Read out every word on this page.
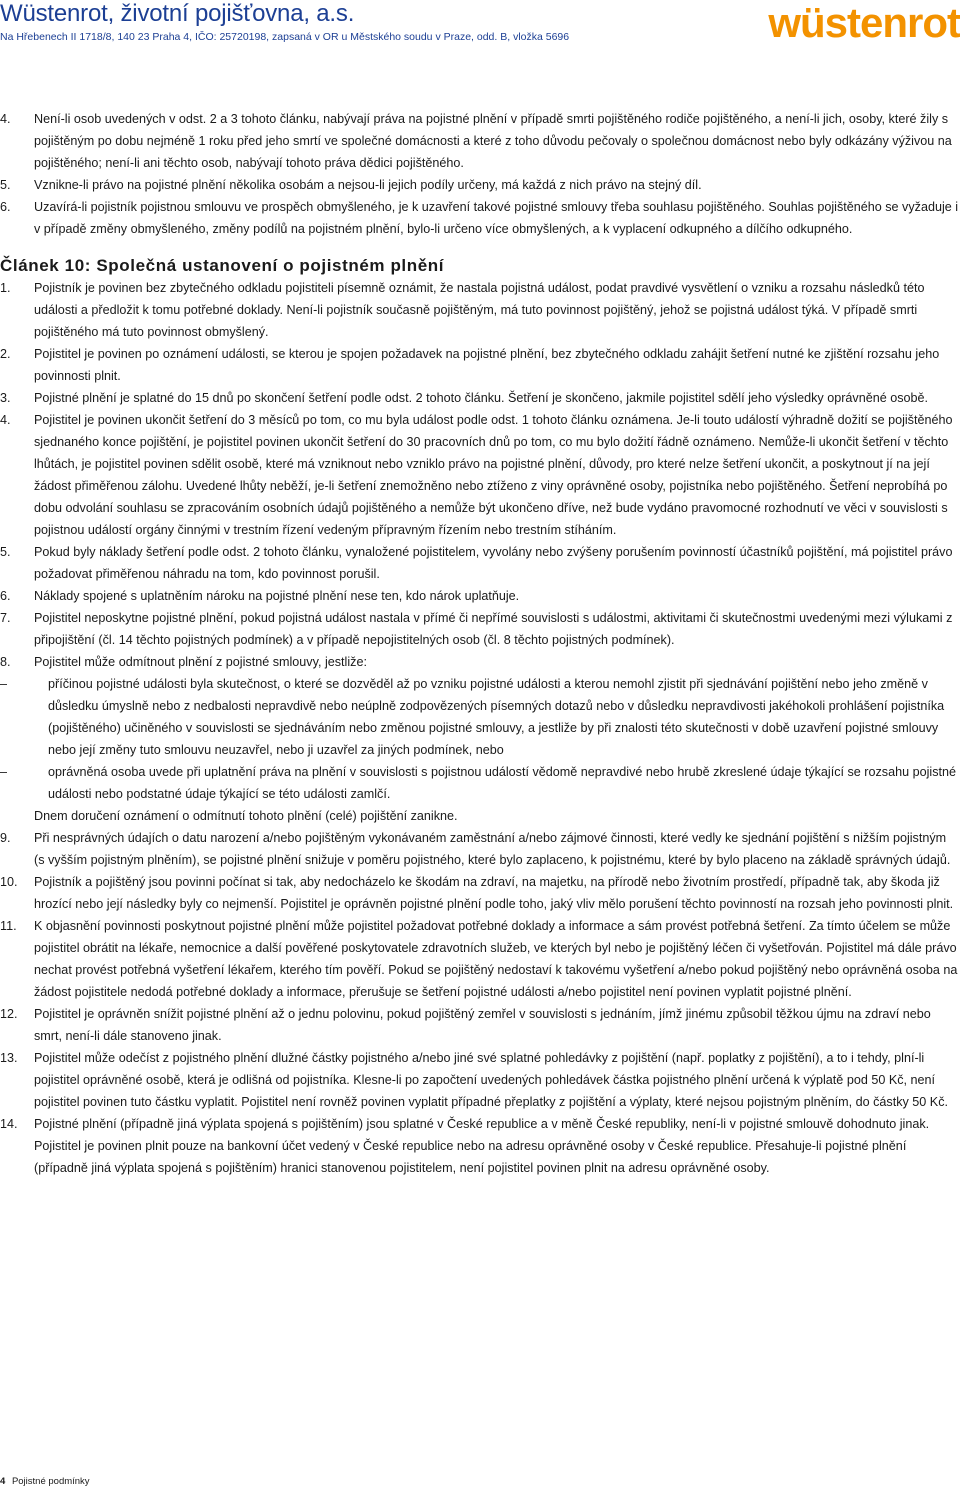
Wüstenrot, životní pojišťovna, a.s.
Na Hřebenech II 1718/8, 140 23 Praha 4, IČO: 25720198, zapsaná v OR u Městského soudu v Praze, odd. B, vložka 5696	wüstenrot
4.	Není-li osob uvedených v odst. 2 a 3 tohoto článku, nabývají práva na pojistné plnění v případě smrti pojištěného rodiče pojištěného, a není-li jich, osoby, které žily s pojištěným po dobu nejméně 1 roku před jeho smrtí ve společné domácnosti a které z toho důvodu pečovaly o společnou domácnost nebo byly odkázány výživou na pojištěného; není-li ani těchto osob, nabývají tohoto práva dědici pojištěného.
5.	Vznikne-li právo na pojistné plnění několika osobám a nejsou-li jejich podíly určeny, má každá z nich právo na stejný díl.
6.	Uzavírá-li pojistník pojistnou smlouvu ve prospěch obmyšleného, je k uzavření takové pojistné smlouvy třeba souhlasu pojištěného. Souhlas pojištěného se vyžaduje i v případě změny obmyšleného, změny podílů na pojistném plnění, bylo-li určeno více obmyšlených, a k vyplacení odkupného a dílčího odkupného.
Článek 10: Společná ustanovení o pojistném plnění
1.	Pojistník je povinen bez zbytečného odkladu pojistiteli písemně oznámit, že nastala pojistná událost, podat pravdivé vysvětlení o vzniku a rozsahu následků této události a předložit k tomu potřebné doklady. Není-li pojistník současně pojištěným, má tuto povinnost pojištěný, jehož se pojistná událost týká. V případě smrti pojištěného má tuto povinnost obmyšlený.
2.	Pojistitel je povinen po oznámení události, se kterou je spojen požadavek na pojistné plnění, bez zbytečného odkladu zahájit šetření nutné ke zjištění rozsahu jeho povinnosti plnit.
3.	Pojistné plnění je splatné do 15 dnů po skončení šetření podle odst. 2 tohoto článku. Šetření je skončeno, jakmile pojistitel sdělí jeho výsledky oprávněné osobě.
4.	Pojistitel je povinen ukončit šetření do 3 měsíců po tom, co mu byla událost podle odst. 1 tohoto článku oznámena. Je-li touto událostí výhradně dožití se pojištěného sjednaného konce pojištění, je pojistitel povinen ukončit šetření do 30 pracovních dnů po tom, co mu bylo dožití řádně oznámeno. Nemůže-li ukončit šetření v těchto lhůtách, je pojistitel povinen sdělit osobě, které má vzniknout nebo vzniklo právo na pojistné plnění, důvody, pro které nelze šetření ukončit, a poskytnout jí na její žádost přiměřenou zálohu. Uvedené lhůty neběží, je-li šetření znemožněno nebo ztíženo z viny oprávněné osoby, pojistníka nebo pojištěného. Šetření neprobíhá po dobu odvolání souhlasu se zpracováním osobních údajů pojištěného a nemůže být ukončeno dříve, než bude vydáno pravomocné rozhodnutí ve věci v souvislosti s pojistnou událostí orgány činnými v trestním řízení vedeným přípravným řízením nebo trestním stíháním.
5.	Pokud byly náklady šetření podle odst. 2 tohoto článku, vynaložené pojistitelem, vyvolány nebo zvýšeny porušením povinností účastníků pojištění, má pojistitel právo požadovat přiměřenou náhradu na tom, kdo povinnost porušil.
6.	Náklady spojené s uplatněním nároku na pojistné plnění nese ten, kdo nárok uplatňuje.
7.	Pojistitel neposkytne pojistné plnění, pokud pojistná událost nastala v přímé či nepřímé souvislosti s událostmi, aktivitami či skutečnostmi uvedenými mezi výlukami z připojištění (čl. 14 těchto pojistných podmínek) a v případě nepojistitelných osob (čl. 8 těchto pojistných podmínek).
8.	Pojistitel může odmítnout plnění z pojistné smlouvy, jestliže:
–	příčinou pojistné události byla skutečnost, o které se dozvěděl až po vzniku pojistné události a kterou nemohl zjistit při sjednávání pojištění nebo jeho změně v důsledku úmyslně nebo z nedbalosti nepravdivě nebo neúplně zodpovězených písemných dotazů nebo v důsledku nepravdivosti jakéhokoli prohlášení pojistníka (pojištěného) učiněného v souvislosti se sjednáváním nebo změnou pojistné smlouvy, a jestliže by při znalosti této skutečnosti v době uzavření pojistné smlouvy nebo její změny tuto smlouvu neuzavřel, nebo ji uzavřel za jiných podmínek, nebo
–	oprávněná osoba uvede při uplatnění práva na plnění v souvislosti s pojistnou událostí vědomě nepravdivé nebo hrubě zkreslené údaje týkající se rozsahu pojistné události nebo podstatné údaje týkající se této události zamlčí.
Dnem doručení oznámení o odmítnutí tohoto plnění (celé) pojištění zanikne.
9.	Při nesprávných údajích o datu narození a/nebo pojištěným vykonávaném zaměstnání a/nebo zájmové činnosti, které vedly ke sjednání pojištění s nižším pojistným (s vyšším pojistným plněním), se pojistné plnění snižuje v poměru pojistného, které bylo zaplaceno, k pojistnému, které by bylo placeno na základě správných údajů.
10.	Pojistník a pojištěný jsou povinni počínat si tak, aby nedocházelo ke škodám na zdraví, na majetku, na přírodě nebo životním prostředí, případně tak, aby škoda již hrozící nebo její následky byly co nejmenší. Pojistitel je oprávněn pojistné plnění podle toho, jaký vliv mělo porušení těchto povinností na rozsah jeho povinnosti plnit.
11.	K objasnění povinnosti poskytnout pojistné plnění může pojistitel požadovat potřebné doklady a informace a sám provést potřebná šetření. Za tímto účelem se může pojistitel obrátit na lékaře, nemocnice a další pověřené poskytovatele zdravotních služeb, ve kterých byl nebo je pojištěný léčen či vyšetřován. Pojistitel má dále právo nechat provést potřebná vyšetření lékařem, kterého tím pověří. Pokud se pojištěný nedostaví k takovému vyšetření a/nebo pokud pojištěný nebo oprávněná osoba na žádost pojistitele nedodá potřebné doklady a informace, přerušuje se šetření pojistné události a/nebo pojistitel není povinen vyplatit pojistné plnění.
12.	Pojistitel je oprávněn snížit pojistné plnění až o jednu polovinu, pokud pojištěný zemřel v souvislosti s jednáním, jímž jinému způsobil těžkou újmu na zdraví nebo smrt, není-li dále stanoveno jinak.
13.	Pojistitel může odečíst z pojistného plnění dlužné částky pojistného a/nebo jiné své splatné pohledávky z pojištění (např. poplatky z pojištění), a to i tehdy, plní-li pojistitel oprávněné osobě, která je odlišná od pojistníka. Klesne-li po započtení uvedených pohledávek částka pojistného plnění určená k výplatě pod 50 Kč, není pojistitel povinen tuto částku vyplatit. Pojistitel není rovněž povinen vyplatit případné přeplatky z pojištění a výplaty, které nejsou pojistným plněním, do částky 50 Kč.
14.	Pojistné plnění (případně jiná výplata spojená s pojištěním) jsou splatné v České republice a v měně České republiky, není-li v pojistné smlouvě dohodnuto jinak. Pojistitel je povinen plnit pouze na bankovní účet vedený v České republice nebo na adresu oprávněné osoby v České republice. Přesahuje-li pojistné plnění (případně jiná výplata spojená s pojištěním) hranici stanovenou pojistitelem, není pojistitel povinen plnit na adresu oprávněné osoby.
4 Pojistné podmínky
